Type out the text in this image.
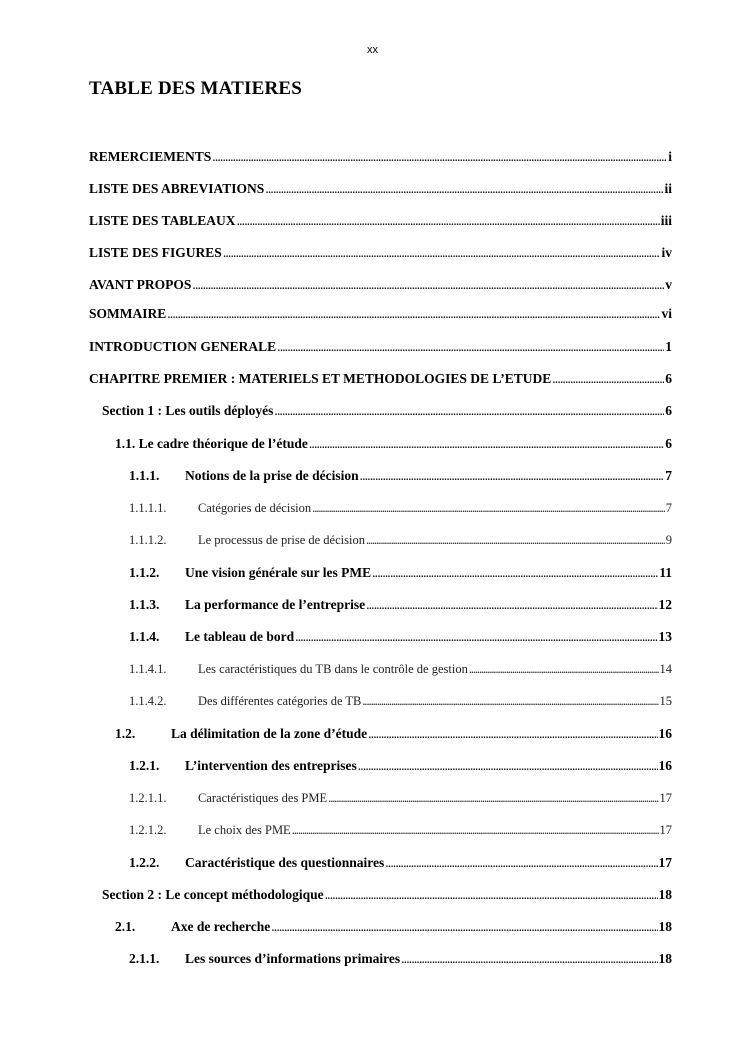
xx
TABLE DES MATIERES
REMERCIEMENTS . . .	i
LISTE DES ABREVIATIONS . . .	ii
LISTE DES TABLEAUX . . .	iii
LISTE DES FIGURES . . .	iv
AVANT PROPOS . . .	v
SOMMAIRE . . .	vi
INTRODUCTION GENERALE . . .	1
CHAPITRE PREMIER : MATERIELS ET METHODOLOGIES DE L’ETUDE . . .	6
Section 1 : Les outils déployés . . .	6
1.1. Le cadre théorique de l’étude . . .	6
1.1.1.	Notions de la prise de décision . . .	7
1.1.1.1.	Catégories de décision . . .	7
1.1.1.2.	Le processus de prise de décision . . .	9
1.1.2.	Une vision générale sur les PME . . .	11
1.1.3.	La performance de l’entreprise . . .	12
1.1.4.	Le tableau de bord . . .	13
1.1.4.1.	Les caractéristiques du TB dans le contrôle de gestion . . .	14
1.1.4.2.	Des différentes catégories de TB . . .	15
1.2.	La délimitation de la zone d’étude . . .	16
1.2.1.	L’intervention des entreprises . . .	16
1.2.1.1.	Caractéristiques des PME . . .	17
1.2.1.2.	Le choix des PME . . .	17
1.2.2.	Caractéristique des questionnaires . . .	17
Section 2 : Le concept méthodologique . . .	18
2.1.	Axe de recherche . . .	18
2.1.1.	Les sources d’informations primaires . . .	18
